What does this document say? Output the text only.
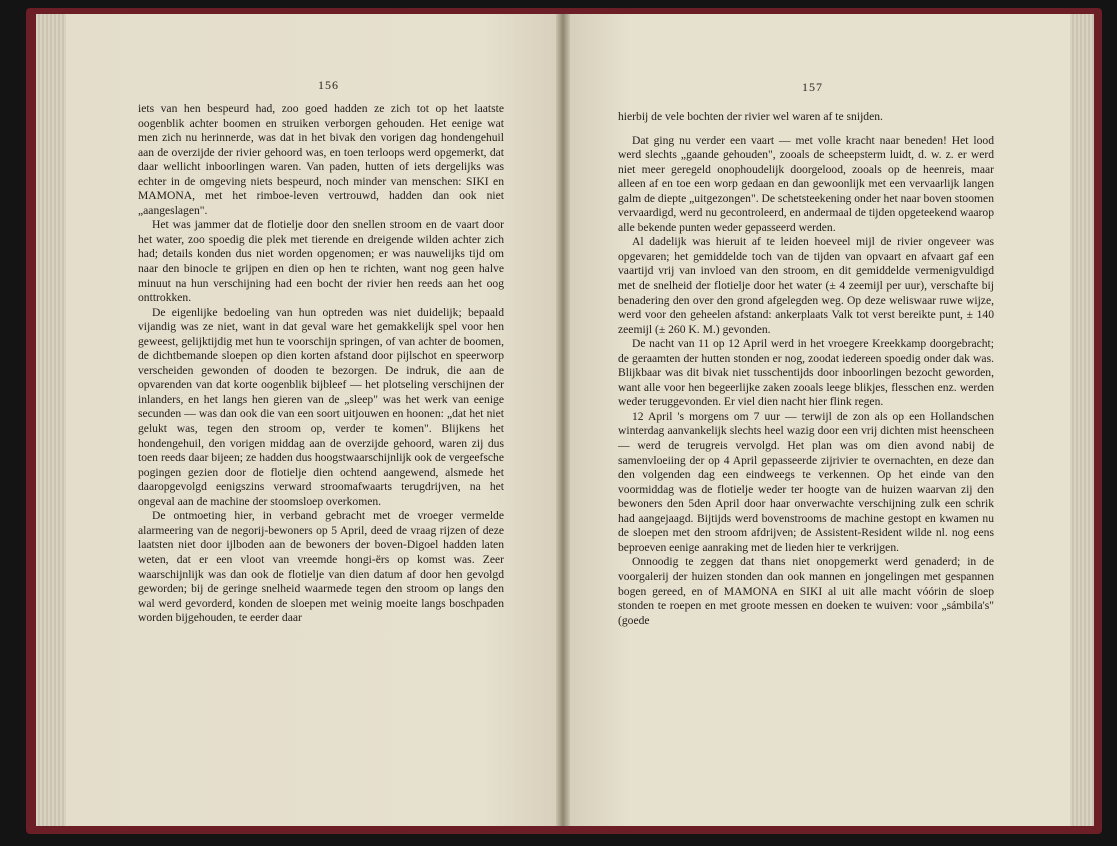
156

iets van hen bespeurd had, zoo goed hadden ze zich tot op het laatste oogenblik achter boomen en struiken verborgen gehouden. Het eenige wat men zich nu herinnerde, was dat in het bivak den vorigen dag hondengehuil aan de overzijde der rivier gehoord was, en toen terloops werd opgemerkt, dat daar wellicht inboorlingen waren. Van paden, hutten of iets dergelijks was echter in de omgeving niets bespeurd, noch minder van menschen: SIKI en MAMONA, met het rimboe-leven vertrouwd, hadden dan ook niet „aangeslagen".

Het was jammer dat de flotielje door den snellen stroom en de vaart door het water, zoo spoedig die plek met tierende en dreigende wilden achter zich had; details konden dus niet worden opgenomen; er was nauwelijks tijd om naar den binocle te grijpen en dien op hen te richten, want nog geen halve minuut na hun verschijning had een bocht der rivier hen reeds aan het oog onttrokken.

De eigenlijke bedoeling van hun optreden was niet duidelijk; bepaald vijandig was ze niet, want in dat geval ware het gemakkelijk spel voor hen geweest, gelijktijdig met hun te voorschijn springen, of van achter de boomen, de dichtbemande sloepen op dien korten afstand door pijlschot en speerworp verscheiden gewonden of dooden te bezorgen. De indruk, die aan de opvarenden van dat korte oogenblik bijbleef — het plotseling verschijnen der inlanders, en het langs hen gieren van de „sleep" was het werk van eenige secunden — was dan ook die van een soort uitjouwen en hoonen: „dat het niet gelukt was, tegen den stroom op, verder te komen". Blijkens het hondengehuil, den vorigen middag aan de overzijde gehoord, waren zij dus toen reeds daar bijeen; ze hadden dus hoogstwaarschijnlijk ook de vergeefsche pogingen gezien door de flotielje dien ochtend aangewend, alsmede het daaropgevolgd eenigszins verward stroomafwaarts terugdrijven, na het ongeval aan de machine der stoomsloep overkomen.

De ontmoeting hier, in verband gebracht met de vroeger vermelde alarmeering van de negorij-bewoners op 5 April, deed de vraag rijzen of deze laatsten niet door ijlboden aan de bewoners der boven-Digoel hadden laten weten, dat er een vloot van vreemde hongi-ërs op komst was. Zeer waarschijnlijk was dan ook de flotielje van dien datum af door hen gevolgd geworden; bij de geringe snelheid waarmede tegen den stroom op langs den wal werd gevorderd, konden de sloepen met weinig moeite langs boschpaden worden bijgehouden, te eerder daar

157

hierbij de vele bochten der rivier wel waren af te snijden.

Dat ging nu verder een vaart — met volle kracht naar beneden! Het lood werd slechts „gaande gehouden", zooals de scheepsterm luidt, d. w. z. er werd niet meer geregeld onophoudelijk doorgelood, zooals op de heenreis, maar alleen af en toe een worp gedaan en dan gewoonlijk met een vervaarlijk langen galm de diepte „uitgezongen". De schetsteekening onder het naar boven stoomen vervaardigd, werd nu gecontroleerd, en andermaal de tijden opgeteekend waarop alle bekende punten weder gepasseerd werden.

Al dadelijk was hieruit af te leiden hoeveel mijl de rivier ongeveer was opgevaren; het gemiddelde toch van de tijden van opvaart en afvaart gaf een vaartijd vrij van invloed van den stroom, en dit gemiddelde vermenigvuldigd met de snelheid der flotielje door het water (± 4 zeemijl per uur), verschafte bij benadering den over den grond afgelegden weg. Op deze weliswaar ruwe wijze, werd voor den geheelen afstand: ankerplaats Valk tot verst bereikte punt, ± 140 zeemijl (± 260 K. M.) gevonden.

De nacht van 11 op 12 April werd in het vroegere Kreekkamp doorgebracht; de geraamten der hutten stonden er nog, zoodat iedereen spoedig onder dak was. Blijkbaar was dit bivak niet tusschentijds door inboorlingen bezocht geworden, want alle voor hen begeerlijke zaken zooals leege blikjes, flesschen enz. werden weder teruggevonden. Er viel dien nacht hier flink regen.

12 April 's morgens om 7 uur — terwijl de zon als op een Hollandschen winterdag aanvankelijk slechts heel wazig door een vrij dichten mist heenscheen — werd de terugreis vervolgd. Het plan was om dien avond nabij de samenvloeiing der op 4 April gepasseerde zijrivier te overnachten, en deze dan den volgenden dag een eindweegs te verkennen. Op het einde van den voormiddag was de flotielje weder ter hoogte van de huizen waarvan zij den bewoners den 5den April door haar onverwachte verschijning zulk een schrik had aangejaagd. Bijtijds werd bovenstrooms de machine gestopt en kwamen nu de sloepen met den stroom afdrijven; de Assistent-Resident wilde nl. nog eens beproeven eenige aanraking met de lieden hier te verkrijgen.

Onnoodig te zeggen dat thans niet onopgemerkt werd genaderd; in de voorgalerij der huizen stonden dan ook mannen en jongelingen met gespannen bogen gereed, en of MAMONA en SIKI al uit alle macht vóórin de sloep stonden te roepen en met groote messen en doeken te wuiven: voor „sámbila's" (goede
